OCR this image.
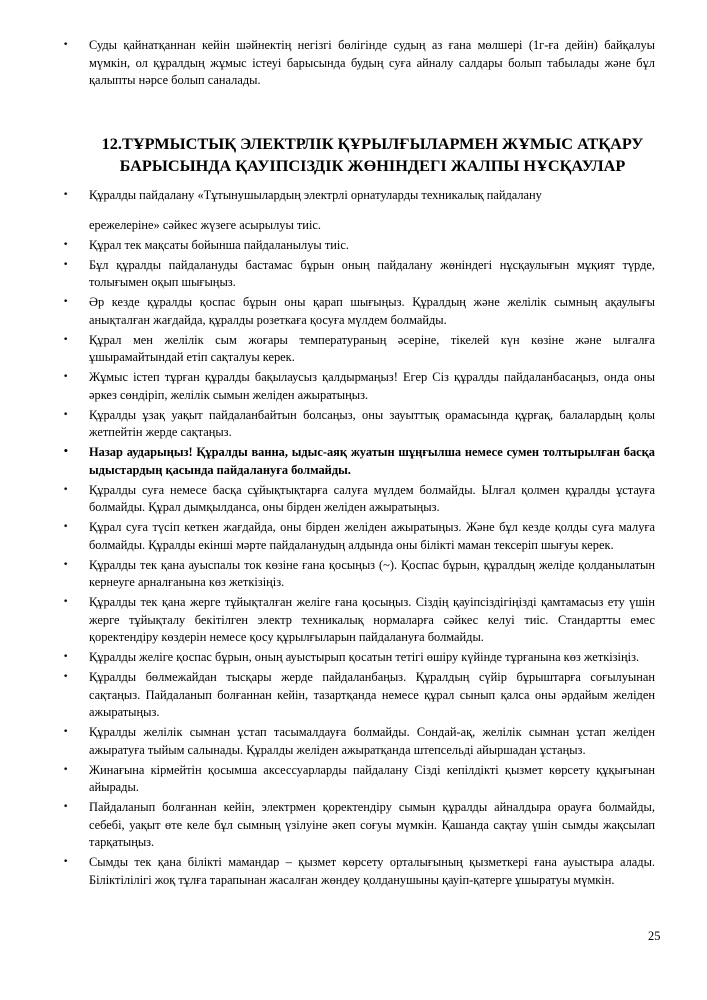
• Суды қайнатқаннан кейін шәйнектің негізгі бөлігінде судың аз ғана мөлшері (1г-ға дейін) байқалуы мүмкін, ол құралдың жұмыс істеуі барысында будың суға айналу салдары болып табылады және бұл қалыпты нәрсе болып саналады.

12.ТҰРМЫСТЫҚ ЭЛЕКТРЛІК ҚҰРЫЛҒЫЛАРМЕН ЖҰМЫС АТҚАРУ
БАРЫСЫНДА ҚАУІПСІЗДІК ЖӨНІНДЕГІ ЖАЛПЫ НҰСҚАУЛАР
• Құралды пайдалану «Тұтынушылардың электрлі орнатуларды техникалық пайдалану

ережелеріне» сәйкес жүзеге асырылуы тиіс.

• Құрал тек мақсаты бойынша пайдаланылуы тиіс.

• Бұл құралды пайдалануды бастамас бұрын оның пайдалану жөніндегі нұсқаулығын мұқият түрде, толығымен оқып шығыңыз.

• Әр кезде құралды қоспас бұрын оны қарап шығыңыз. Құралдың және желілік сымның ақаулығы анықталған жағдайда, құралды розеткаға қосуға мүлдем болмайды.

• Құрал мен желілік сым жоғары температураның әсеріне, тікелей күн көзіне және ылғалға ұшырамайтындай етіп сақталуы керек.

• Жұмыс істеп тұрған құралды бақылаусыз қалдырмаңыз! Егер Сіз құралды пайдаланбасаңыз, онда оны әркез сөндіріп, желілік сымын желіден ажыратыңыз.

• Құралды ұзақ уақыт пайдаланбайтын болсаңыз, оны зауыттық орамасында құрғақ, балалардың қолы жетпейтін жерде сақтаңыз.

• Назар аударыңыз! Құралды ванна, ыдыс-аяқ жуатын шұңғылша немесе сумен толтырылған басқа ыдыстардың қасында пайдалануға болмайды.

• Құралды суға немесе басқа сұйықтықтарға салуға мүлдем болмайды. Ылғал қолмен құралды ұстауға болмайды. Құрал дымқылданса, оны бірден желіден ажыратыңыз.

• Құрал суға түсіп кеткен жағдайда, оны бірден желіден ажыратыңыз. Және бұл кезде қолды суға малуға болмайды. Құралды екінші мәрте пайдаланудың алдында оны білікті маман тексеріп шығуы керек.

• Құралды тек қана ауыспалы ток көзіне ғана қосыңыз (~). Қоспас бұрын, құралдың желіде қолданылатын кернеуге арналғанына көз жеткізіңіз.

• Құралды тек қана жерге тұйықталған желіге ғана қосыңыз. Сіздің қауіпсіздігіңізді қамтамасыз ету үшін жерге тұйықталу бекітілген электр техникалық нормаларға сәйкес келуі тиіс. Стандартты емес қоректендіру көздерін немесе қосу құрылғыларын пайдалануға болмайды.

• Құралды желіге қоспас бұрын, оның ауыстырып қосатын тетігі өшіру күйінде тұрғанына көз жеткізіңіз.

• Құралды бөлмежайдан тысқары жерде пайдаланбаңыз. Құралдың сүйір бұрыштарға соғылуынан сақтаңыз. Пайдаланып болғаннан кейін, тазартқанда немесе құрал сынып қалса оны әрдайым желіден ажыратыңыз.

• Құралды желілік сымнан ұстап тасымалдауға болмайды. Сондай-ақ, желілік сымнан ұстап желіден ажыратуға тыйым салынады. Құралды желіден ажыратқанда штепсельді айыршадан ұстаңыз.

• Жинағына кірмейтін қосымша аксессуарларды пайдалану Сізді кепілдікті қызмет көрсету құқығынан айырады.

• Пайдаланып болғаннан кейін, электрмен қоректендіру сымын құралды айналдыра орауға болмайды, себебі, уақыт өте келе бұл сымның үзілуіне әкеп соғуы мүмкін. Қашанда сақтау үшін сымды жақсылап тарқатыңыз.

• Сымды тек қана білікті мамандар – қызмет көрсету орталығының қызметкері ғана ауыстыра алады. Біліктілілігі жоқ тұлға тарапынан жасалған жөндеу қолданушыны қауіп-қатерге ұшыратуы мүмкін.

25
